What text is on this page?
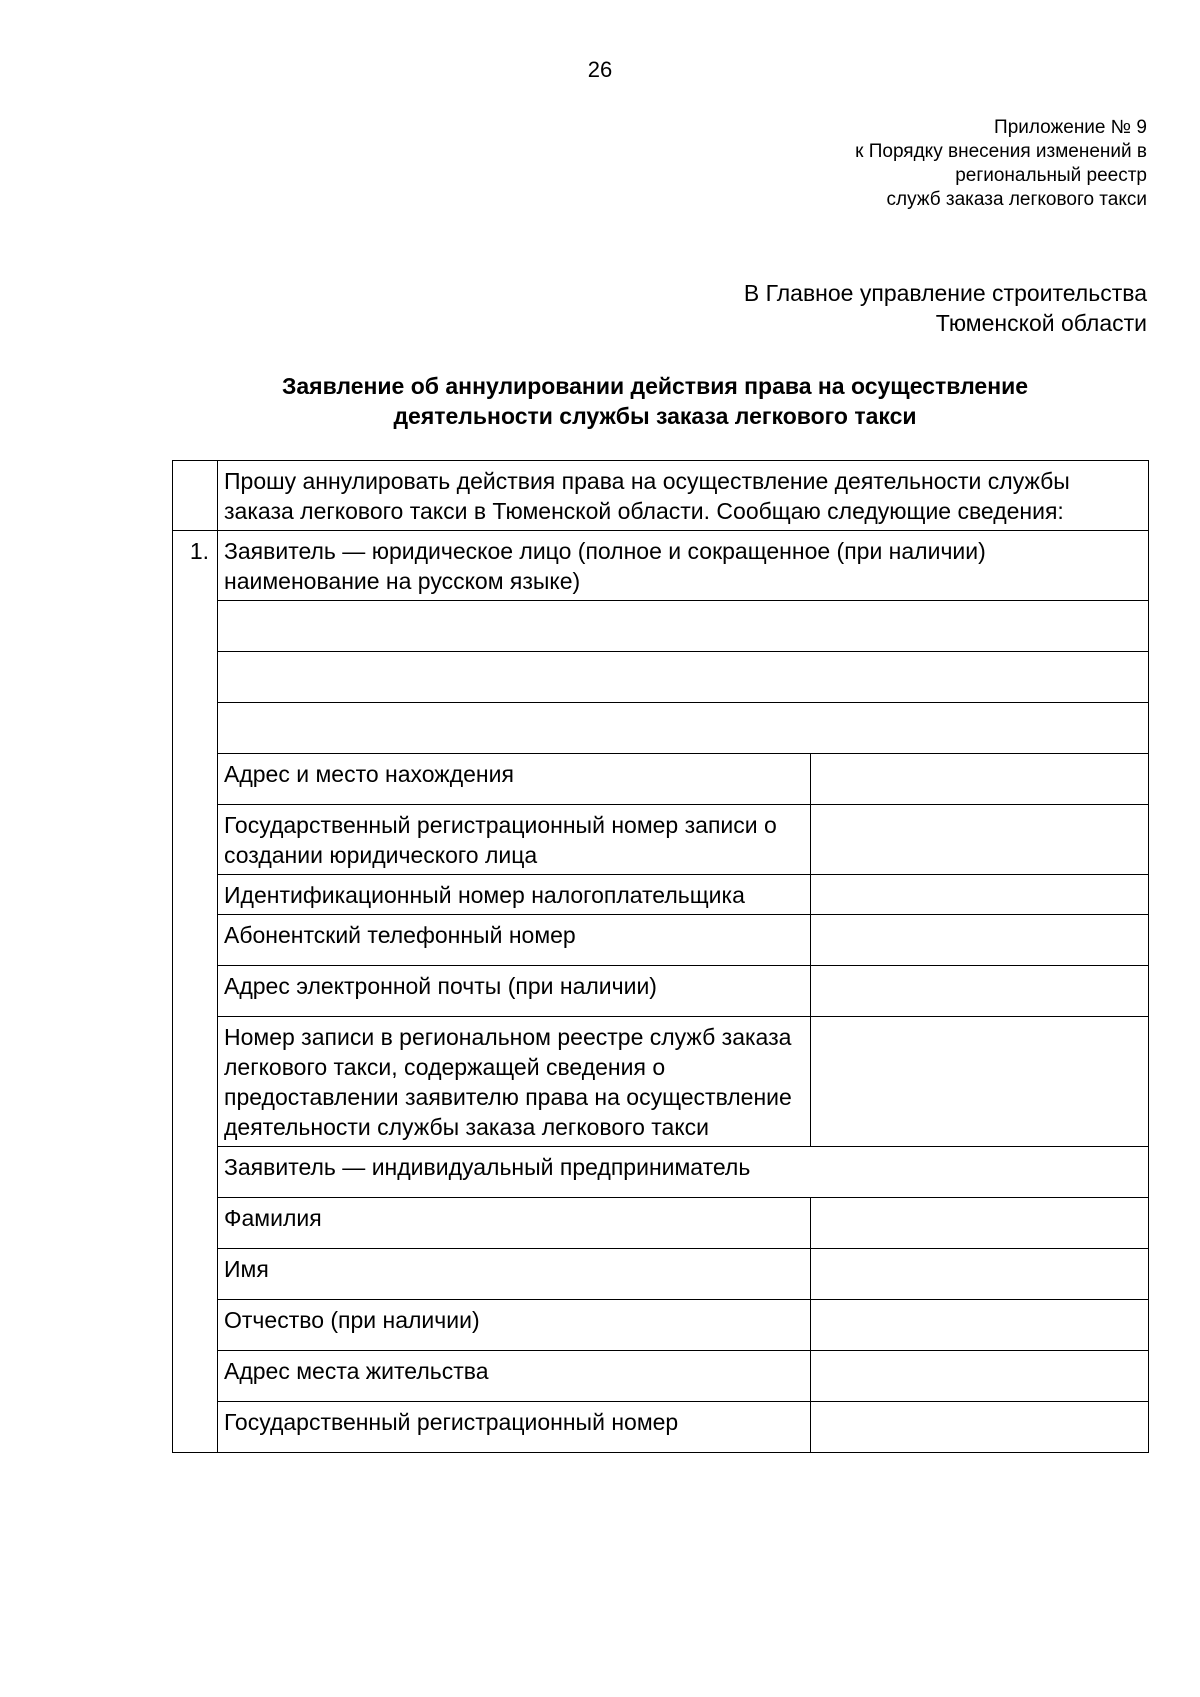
26
Приложение № 9
к Порядку внесения изменений в
региональный реестр
служб заказа легкового такси
В Главное управление строительства
Тюменской области
Заявление об аннулировании действия права на осуществление
деятельности службы заказа легкового такси
	Прошу аннулировать действия права на осуществление деятельности службы заказа легкового такси в Тюменской области. Сообщаю следующие сведения:	
1.	Заявитель — юридическое лицо (полное и сокращенное (при наличии) наименование на русском языке)	

	Адрес и место нахождения	
	Государственный регистрационный номер записи о создании юридического лица	
	Идентификационный номер налогоплательщика	
	Абонентский телефонный номер	
	Адрес электронной почты (при наличии)	
	Номер записи в региональном реестре служб заказа легкового такси, содержащей сведения о предоставлении заявителю права на осуществление деятельности службы заказа легкового такси	
	Заявитель — индивидуальный предприниматель	
	Фамилия	
	Имя	
	Отчество (при наличии)	
	Адрес места жительства	
	Государственный регистрационный номер	
